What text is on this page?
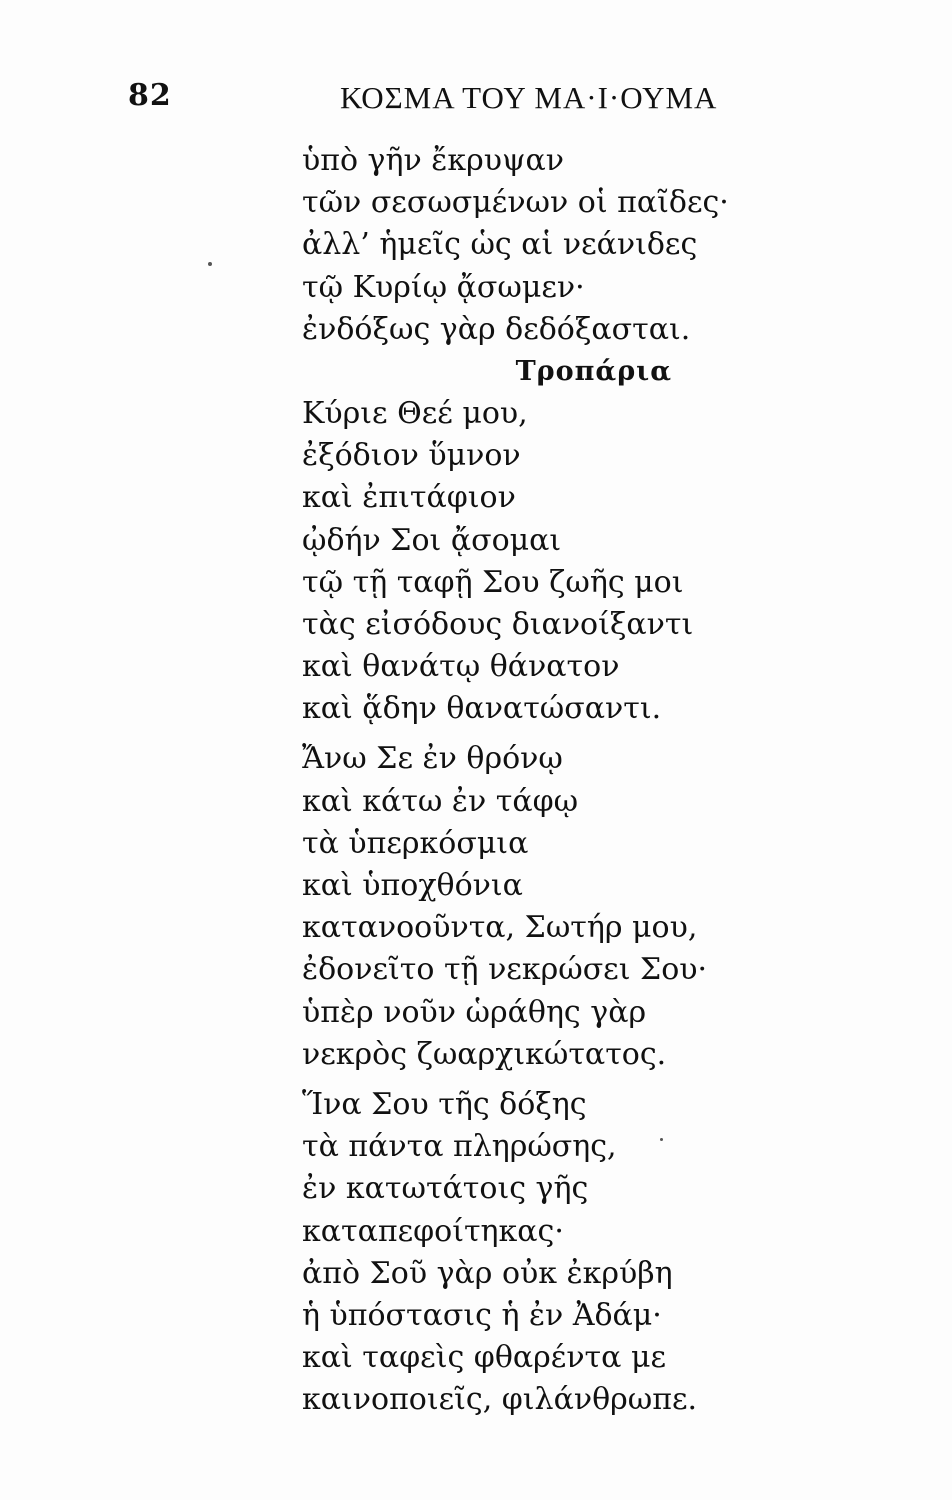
82	ΚΟΣΜΑ ΤΟΥ ΜΑ·Ι·ΟΥΜΑ
ὑπὸ γῆν ἔκρυψαν
τῶν σεσωσμένων οἱ παῖδες·
ἀλλ’ ἡμεῖς ὡς αἱ νεάνιδες
τῷ Κυρίῳ ᾄσωμεν·
ἐνδόξως γὰρ δεδόξασται.
Τροπάρια
Κύριε Θεέ μου,
ἐξόδιον ὕμνον
καὶ ἐπιτάφιον
ᾠδήν Σοι ᾄσομαι
τῷ τῇ ταφῇ Σου ζωῆς μοι
τὰς εἰσόδους διανοίξαντι
καὶ θανάτῳ θάνατον
καὶ ᾅδην θανατώσαντι.
Ἄνω Σε ἐν θρόνῳ
καὶ κάτω ἐν τάφῳ
τὰ ὑπερκόσμια
καὶ ὑποχθόνια
κατανοοῦντα, Σωτήρ μου,
ἐδονεῖτο τῇ νεκρώσει Σου·
ὑπὲρ νοῦν ὡράθης γὰρ
νεκρὸς ζωαρχικώτατος.
Ἵνα Σου τῆς δόξης
τὰ πάντα πληρώσης,
ἐν κατωτάτοις γῆς
καταπεφοίτηκας·
ἀπὸ Σοῦ γὰρ οὐκ ἐκρύβη
ἡ ὑπόστασις ἡ ἐν Ἀδάμ·
καὶ ταφεὶς φθαρέντα με
καινοποιεῖς, φιλάνθρωπε.
